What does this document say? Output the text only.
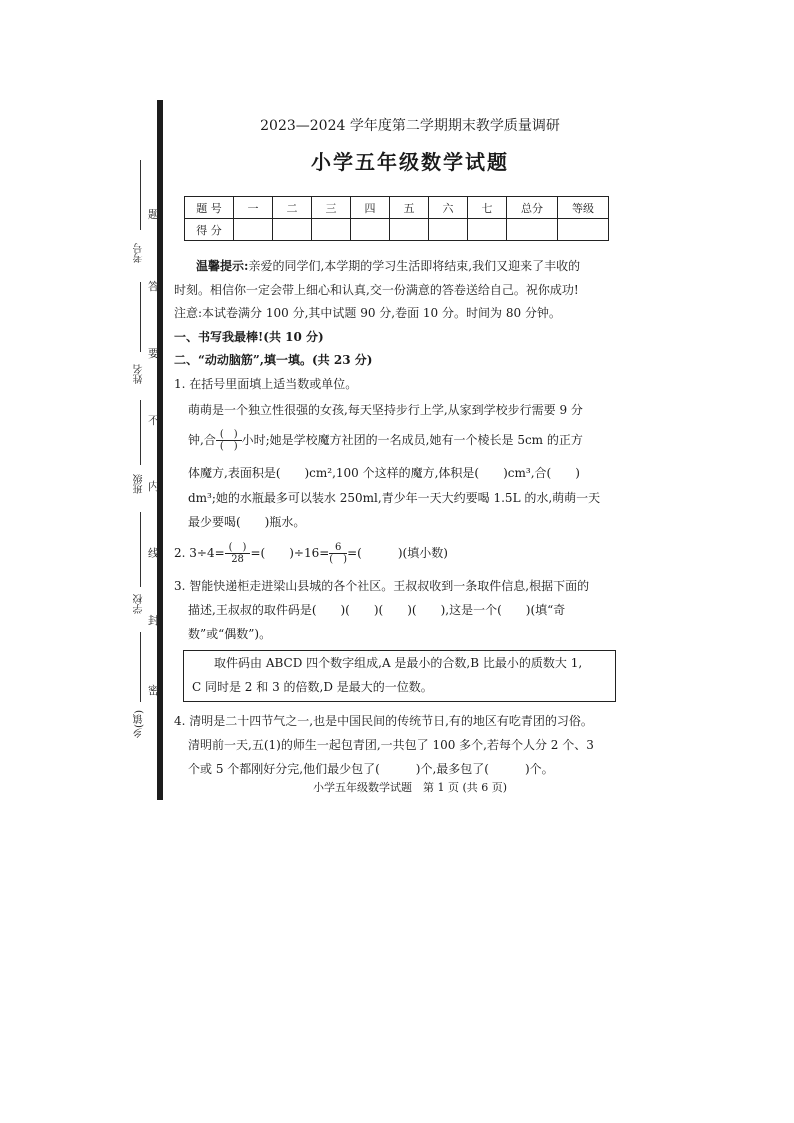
考号
姓名
班级
学校
乡(镇)
题
答
要
不
内
线
封
密
2023—2024 学年度第二学期期末教学质量调研
小学五年级数学试题
题 号	一	二	三	四	五	六	七	总分	等级
得 分									
温馨提示:亲爱的同学们,本学期的学习生活即将结束,我们又迎来了丰收的
时刻。相信你一定会带上细心和认真,交一份满意的答卷送给自己。祝你成功!
注意:本试卷满分 100 分,其中试题 90 分,卷面 10 分。时间为 80 分钟。
一、书写我最棒!(共 10 分)
二、“动动脑筋”,填一填。(共 23 分)
1. 在括号里面填上适当数或单位。
萌萌是一个独立性很强的女孩,每天坚持步行上学,从家到学校步行需要 9 分
钟,合 $\frac{( )}{( )}$小时;她是学校魔方社团的一名成员,她有一个棱长是 5cm 的正方
体魔方,表面积是(　　)cm²,100 个这样的魔方,体积是(　　)cm³,合(　　)
dm³;她的水瓶最多可以装水 250ml,青少年一天大约要喝 1.5L 的水,萌萌一天
最少要喝(　　)瓶水。
2. $3\div 4= \frac{( )}{28}=$(　　)$\div 16= \frac{6}{( )}=$(　　　)(填小数)
3. 智能快递柜走进梁山县城的各个社区。王叔叔收到一条取件信息,根据下面的
描述,王叔叔的取件码是(　　)(　　)(　　)(　　),这是一个(　　)(填“奇
数”或“偶数”)。
取件码由 ABCD 四个数字组成,A 是最小的合数,B 比最小的质数大 1,
C 同时是 2 和 3 的倍数,D 是最大的一位数。
4. 清明是二十四节气之一,也是中国民间的传统节日,有的地区有吃青团的习俗。
清明前一天,五(1)的师生一起包青团,一共包了 100 多个,若每个人分 2 个、3
个或 5 个都刚好分完,他们最少包了(　　　)个,最多包了(　　　)个。
小学五年级数学试题　第 1 页 (共 6 页)
